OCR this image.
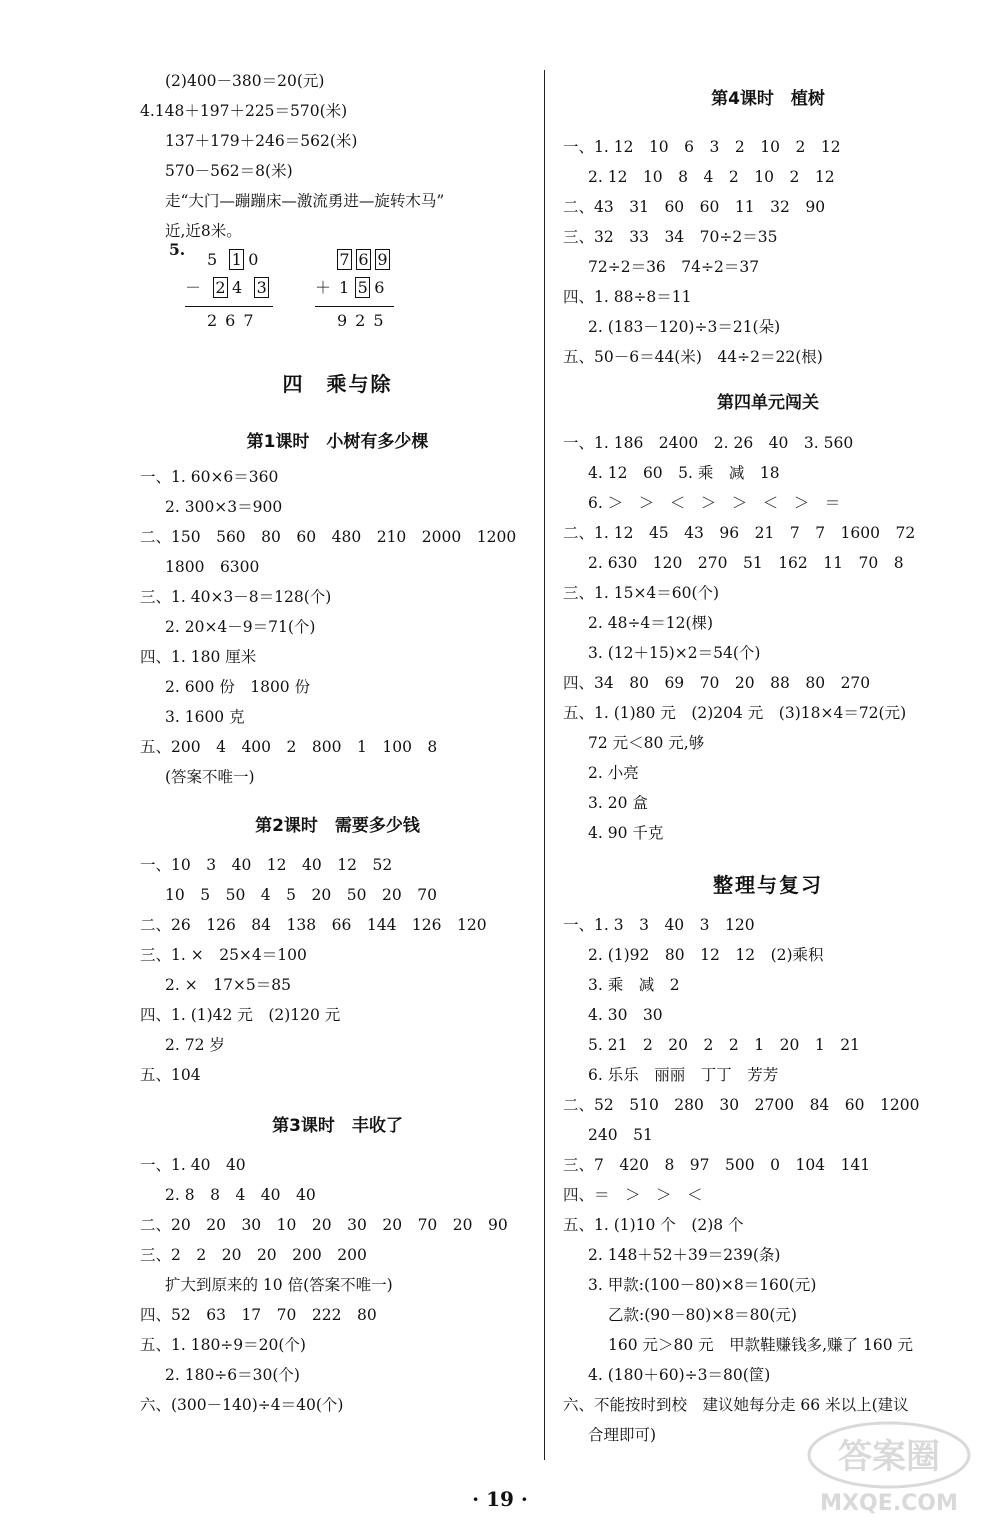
(2)400－380＝20(元)
4.148＋197＋225＝570(米)
137＋179＋246＝562(米)
570－562＝8(米)
走“大门—蹦蹦床—激流勇进—旋转木马”
近,近8米。
5.
5 1 0
－ 2 4 3
267
7 6 9
＋15 6
925
四　乘与除
第1课时　小树有多少棵
一、1. 60×6＝360
2. 300×3＝900
二、150　560　80　60　480　210　2000　1200
1800　6300
三、1. 40×3－8＝128(个)
2. 20×4－9＝71(个)
四、1. 180 厘米
2. 600 份　1800 份
3. 1600 克
五、200　4　400　2　800　1　100　8
(答案不唯一)
第2课时　需要多少钱
一、10　3　40　12　40　12　52
10　5　50　4　5　20　50　20　70
二、26　126　84　138　66　144　126　120
三、1. ×　25×4＝100
2. ×　17×5＝85
四、1. (1)42 元　(2)120 元
2. 72 岁
五、104
第3课时　丰收了
一、1. 40　40
2. 8　8　4　40　40
二、20　20　30　10　20　30　20　70　20　90
三、2　2　20　20　200　200
扩大到原来的 10 倍(答案不唯一)
四、52　63　17　70　222　80
五、1. 180÷9＝20(个)
2. 180÷6＝30(个)
六、(300－140)÷4＝40(个)
第4课时　植树
一、1. 12　10　6　3　2　10　2　12
2. 12　10　8　4　2　10　2　12
二、43　31　60　60　11　32　90
三、32　33　34　70÷2＝35
72÷2＝36　74÷2＝37
四、1. 88÷8＝11
2. (183－120)÷3＝21(朵)
五、50－6＝44(米)　44÷2＝22(根)
第四单元闯关
一、1. 186　2400　2. 26　40　3. 560
4. 12　60　5. 乘　减　18
6. ＞　＞　＜　＞　＞　＜　＞　＝
二、1. 12　45　43　96　21　7　7　1600　72
2. 630　120　270　51　162　11　70　8
三、1. 15×4＝60(个)
2. 48÷4＝12(棵)
3. (12＋15)×2＝54(个)
四、34　80　69　70　20　88　80　270
五、1. (1)80 元　(2)204 元　(3)18×4＝72(元)
72 元＜80 元,够
2. 小亮
3. 20 盒
4. 90 千克
整理与复习
一、1. 3　3　40　3　120
2. (1)92　80　12　12　(2)乘积
3. 乘　减　2
4. 30　30
5. 21　2　20　2　2　1　20　1　21
6. 乐乐　丽丽　丁丁　芳芳
二、52　510　280　30　2700　84　60　1200
240　51
三、7　420　8　97　500　0　104　141
四、＝　＞　＞　＜
五、1. (1)10 个　(2)8 个
2. 148＋52＋39＝239(条)
3. 甲款:(100－80)×8＝160(元)
乙款:(90－80)×8＝80(元)
160 元＞80 元　甲款鞋赚钱多,赚了 160 元
4. (180＋60)÷3＝80(筐)
六、不能按时到校　建议她每分走 66 米以上(建议
合理即可)
· 19 ·
答案圈
MXQE.COM
